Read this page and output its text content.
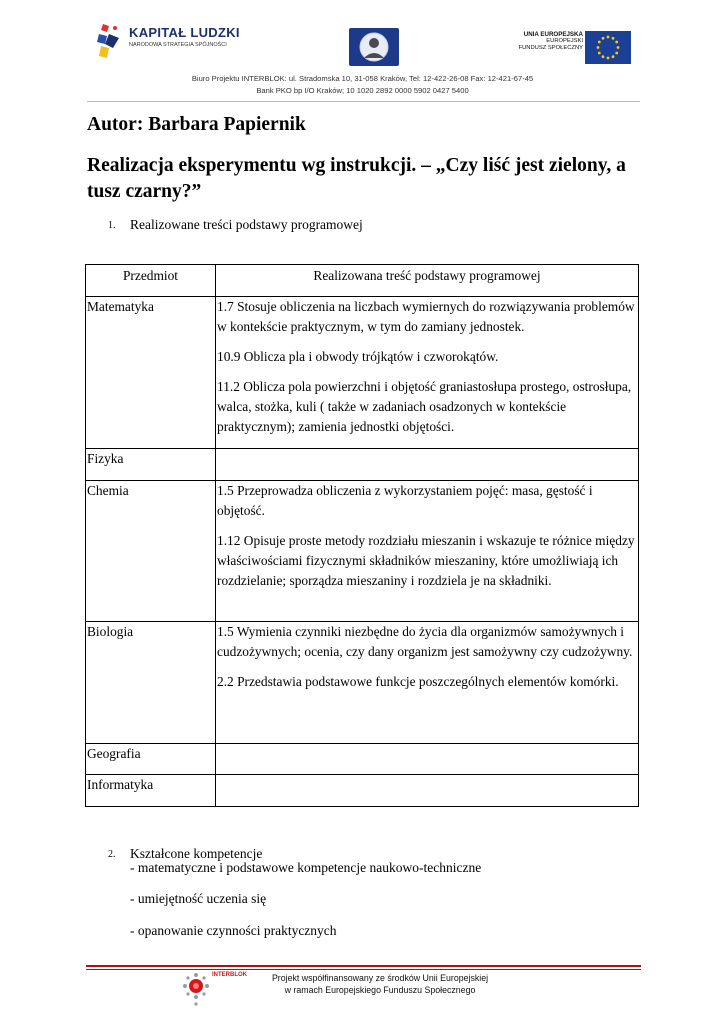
KAPITAŁ LUDZKI
NARODOWA STRATEGIA SPÓJNOŚCI
UNIA EUROPEJSKA
EUROPEJSKI
FUNDUSZ SPOŁECZNY
Biuro Projektu INTERBLOK: ul. Stradomska 10, 31-058 Kraków, Tel: 12-422-26-08 Fax: 12-421-67-45
Bank PKO bp I/O Kraków; 10 1020 2892 0000 5902 0427 5400
Autor: Barbara Papiernik
Realizacja eksperymentu wg instrukcji. – „Czy liść jest zielony, a tusz czarny?”
1. Realizowane treści podstawy programowej
Przedmiot	Realizowana treść podstawy programowej
Matematyka	1.7 Stosuje obliczenia na liczbach wymiernych do rozwiązywania problemów w kontekście praktycznym, w tym do zamiany jednostek.

10.9 Oblicza pla i obwody trójkątów i czworokątów.

11.2 Oblicza pola powierzchni i objętość graniastosłupa prostego, ostrosłupa, walca, stożka, kuli ( także w zadaniach osadzonych w kontekście praktycznym); zamienia jednostki objętości.

Fizyka	
Chemia	1.5 Przeprowadza obliczenia z wykorzystaniem pojęć: masa, gęstość i objętość.

1.12 Opisuje proste metody rozdziału mieszanin i wskazuje te różnice między właściwościami fizycznymi składników mieszaniny, które umożliwiają ich rozdzielanie; sporządza mieszaniny i rozdziela je na składniki.

Biologia	1.5 Wymienia czynniki niezbędne do życia dla organizmów samożywnych i cudzożywnych; ocenia, czy dany organizm jest samożywny czy cudzożywny.

2.2 Przedstawia podstawowe funkcje poszczególnych elementów komórki.

Geografia	
Informatyka	
2. Kształcone kompetencje
- matematyczne i podstawowe kompetencje naukowo-techniczne
- umiejętność uczenia się
- opanowanie czynności praktycznych
INTERBLOK	Projekt współfinansowany ze środków Unii Europejskiej
w ramach Europejskiego Funduszu Społecznego
